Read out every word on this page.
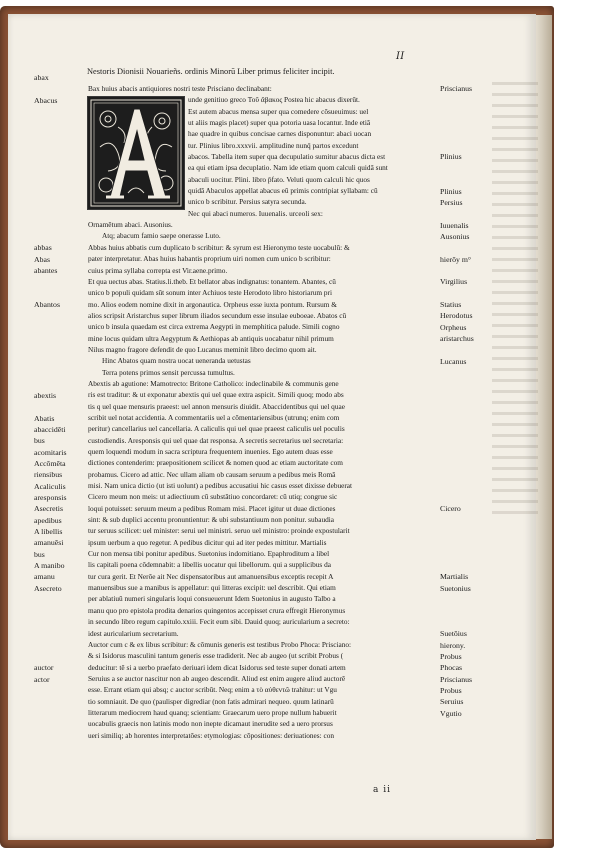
II
Nestoris Dionisii Nouarieñs. ordinis Minorū Liber primus feliciter incipit.
Bax huius abacis antiquiores nostri teste Prisciano declinabant:
unde genitiuo greco Τοῦ ἄβακος Postea hic abacus dixerūt.
Est autem abacus mensa super qua comedere cōsueuimus: uel
ut aliis magis placet) super qua potoria uasa locantur. Inde etiā
hae quadre in quibus concisae carnes disponuntur: abaci uocan
tur. Plinius libro.xxxvii. amplitudine nunq̄ partos excedunt
abacos. Tabella item super qua decupulatio sumitur abacus dicta est
ea qui etiam ipsa decuplatio. Nam ide etiam quom calculi quidā sunt
abaculi uocitur. Plini. libro p̄fato. Veluti quom calculi hic quos
quidā Abaculos appellat abacus eū primis contripiat syllabam: cū
unico b scribitur. Persius satyra secunda.
Nec qui abaci numeros. Iuuenalis. urceoli sex:
Ornamētum abaci. Ausonius.
Atq; abacum famio saepe onerasse Luto.
Abbas huius abbatis cum duplicato b scribitur: & syrum est Hieronymo teste uocabulū: &
pater interpretatur. Abas huius habantis proprium uiri nomen cum unico b scribitur:
cuius prima syllaba correpta est Vir.aene.primo.
Et qua uectus abas. Statius.li.theb. Et bellator abas indignatus: tonantem. Abantes, cū
unico b populi quidam sūt sonum inter Achiuos teste Herodoto libro historiarum pri
mo. Alios eodem nomine dixit in argonautica. Orpheus esse iuxta pontum. Rursum &
alios scripsit Aristarchus super librum iliados secundum esse insulae euboeae. Abatos cū
unico b insula quaedam est circa extrema Aegypti in memphitica palude. Simili cogno
mine locus quidam ultra Aegyptum & Aethiopas ab antiquis uocabatur nihil primum
Nilus magno fragore defendit de quo Lucanus meminit libro decimo quom ait.
Hinc Abatos quam nostra uocat ueneranda uetustas
Terra potens primos sensit percussa tumultus.
Abextis ab agutione: Mamotrecto: Britone Catholico: indeclinabile & communis gene
ris est traditur: & ut exponatur abextis qui uel quae extra aspicit. Simili quoq; modo abs
tis q uel quae mensuris praeest: uel annon mensuris diuidit. Abaccidentibus qui uel quae
scribit uel notat accidentia. A commentariis uel a cōmentariensibus (utrunq; enim com
peritur) cancellarius uel cancellaria. A caliculis qui uel quae praeest caliculis uel poculis
custodiendis. Aresponsis qui uel quae dat responsa. A secretis secretarius uel secretaria:
quem loquendi modum in sacra scriptura frequentem inuenies. Ego autem duas esse
dictiones contenderim: praepositionem scilicet & nomen quod ac etiam auctoritate com
probamus. Cicero ad attic. Nec ullam aliam ob causam seruum a pedibus meis Romā
misi. Nam unica dictio (ut isti uolunt) a pedibus accusatiui hic casus esset dixisse debuerat
Cicero meum non meis: ut adiectiuum cū substātiuo concordaret: cū utiq; congrue sic
loqui potuisset: seruum meum a pedibus Romam misi. Placet igitur ut duae dictiones
sint: & sub duplici accentu pronuntientur: & ubi substantiuum non ponitur. subaudia
tur seruus scilicet: uel minister: serui uel ministri. seruo uel ministro: proinde expostularit
ipsum uerbum a quo regetur. A pedibus dicitur qui ad iter pedes mittitur. Martialis
Cur non mensa tibi ponitur apedibus. Suetonius indomitiano. Epaphroditum a libel
lis capitali poena cōdemnabit: a libellis uocatur qui libellorum. qui a supplicibus da
tur cura gerit. Et Nerōe ait Nec dispensatoribus aut amanuensibus exceptis recepit A
manuensibus sue a manibus is appellatur: qui litteras excipit: uel describit. Qui etiam
per ablatiuū numeri singularis loqui consueuerunt Idem Suetonius in augusto Talbo a
manu quo pro epistola prodita denarios quingentos accepisset crura effregit Hieronymus
in secundo libro regum capitulo.xxiii. Fecit eum sibi. Dauid quoq; auricularium a secreto:
idest auricularium secretarium.
Auctor cum c & ex libus scribitur: & cōmunis generis est testibus Probo Phoca: Prisciano:
& si Isidorus masculini tantum generis esse tradiderit. Nec ab augeo (ut scribit Probus (
deducitur: tē si a uerbo praefato deriuari idem dicat Isidorus sed teste super donati artem
Seruius a se auctor nascitur non ab augeo descendit. Aliud est enim augere aliud auctorē
esse. Errant etiam qui absq; c auctor scribūt. Neq; enim a τὸ αὐθεντῶ trahitur: ut Vgu
tio somniauit. De quo (paulisper digrediar (non fatis admirari nequeo. quum latinarū
litterarum mediocrem haud quanq; scientiam: Graecarum uero prope nullum habuerit
uocabulis graecis non latinis modo non inepte dicamaut inerudite sed a uero prorsus
ueri similiq; ab horentes interpretatōes: etymologias: cōpositiones: deriuationes: con
abax
Abacus
abbas
Abas
abantes
Abantos
abextis
Abatis
abaccidēti
bus
acomitaris
Accōmēta
riensibus
Acaliculis
aresponsis
Asecretis
apedibus
A libellis
amanuēsi
bus
A manibo
amanu
Asecreto
auctor
actor
Priscianus
Plinius
Plinius
Persius
Iuuenalis
Ausonius
hierōy m°
Virgilius
Statius
Herodotus
Orpheus
aristarchus
Lucanus
Cicero
Martialis
Suetonius
Suetōius
hierony.
Probus
Phocas
Priscianus
Probus
Seruius
Vgutio
a ii
